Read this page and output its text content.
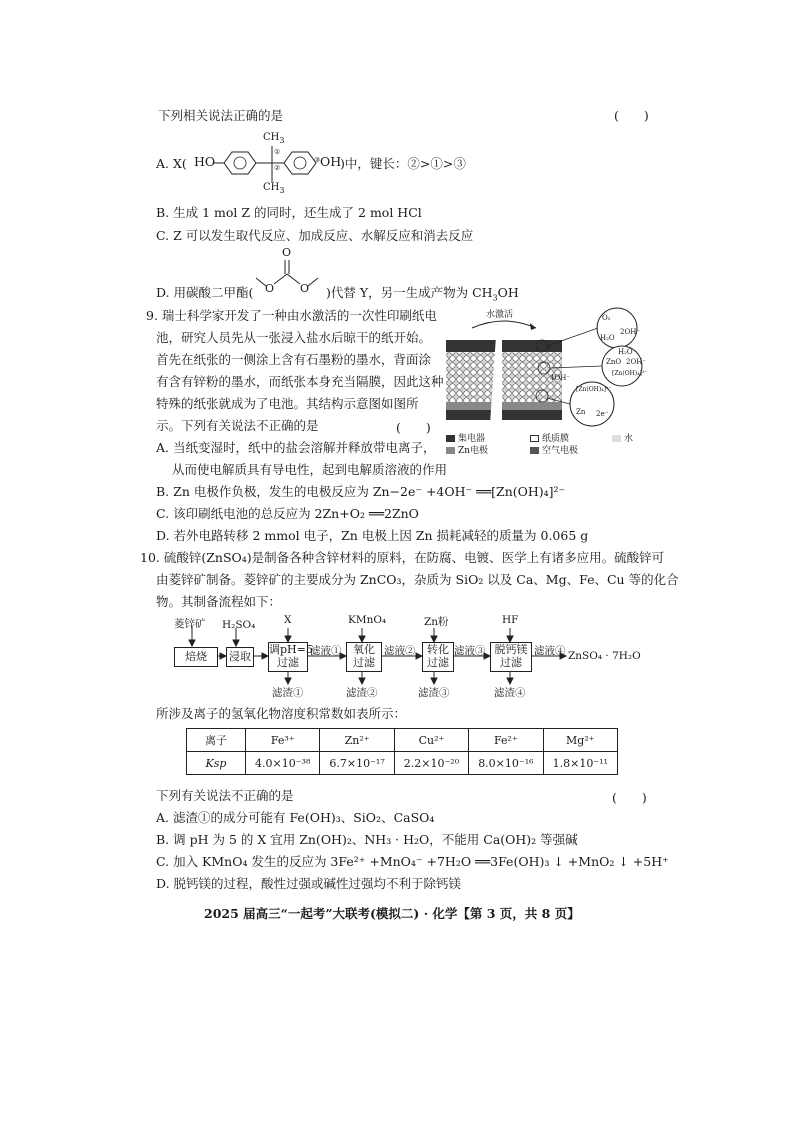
下列相关说法正确的是	(　　)
A. X( HO
$CH_3$
$CH_3$
①
②
③ OH
)中，键长：②>①>③
B. 生成 1 mol Z 的同时，还生成了 2 mol HCl
C. Z 可以发生取代反应、加成反应、水解反应和消去反应
D. 用碳酸二甲酯(
O
O O )代替 Y，另一生成产物为 $CH_3OH$
9. 瑞士科学家开发了一种由水激活的一次性印刷纸电
池，研究人员先从一张浸入盐水后晾干的纸开始。
首先在纸张的一侧涂上含有石墨粉的墨水，背面涂
有含有锌粉的墨水，而纸张本身充当隔膜，因此这种
特殊的纸张就成为了电池。其结构示意图如图所
示。下列有关说法不正确的是	(　　)
A. 当纸变湿时，纸中的盐会溶解并释放带电离子，
从而使电解质具有导电性，起到电解质溶液的作用
B. Zn 电极作负极，发生的电极反应为 Zn−2e⁻ +4OH⁻ ══[Zn(OH)₄]²⁻
C. 该印刷纸电池的总反应为 2Zn+O₂ ══2ZnO
D. 若外电路转移 2 mmol 电子，Zn 电极上因 Zn 损耗减轻的质量为 0.065 g
水激活	O₂
H₂O
2OH⁻
H₂O
ZnO 2OH⁻
[Zn(OH)₄]²⁻
4OH⁻
[Zn(OH)₄]²⁻
Zn 2e⁻
集电器	纸质膜	水
Zn电极	空气电极
10. 硫酸锌(ZnSO₄)是制备各种含锌材料的原料，在防腐、电镀、医学上有诸多应用。硫酸锌可
由菱锌矿制备。菱锌矿的主要成分为 ZnCO₃，杂质为 SiO₂ 以及 Ca、Mg、Fe、Cu 等的化合
物。其制备流程如下：
菱锌矿 H₂SO₄	X	KMnO₄	Zn粉	HF
焙烧	浸取
调pH=5
过滤
氧化
过滤
转化
过滤
脱钙镁
过滤
滤液①	滤液②	滤液③	滤液④ ZnSO₄ · 7H₂O
滤渣①	滤渣②	滤渣③	滤渣④
所涉及离子的氢氧化物溶度积常数如表所示：
离子	Fe³⁺	Zn²⁺	Cu²⁺	Fe²⁺	Mg²⁺
Ksp	4.0×10⁻³⁸	6.7×10⁻¹⁷	2.2×10⁻²⁰	8.0×10⁻¹⁶	1.8×10⁻¹¹
下列有关说法不正确的是	(　　)
A. 滤渣①的成分可能有 Fe(OH)₃、SiO₂、CaSO₄
B. 调 pH 为 5 的 X 宜用 Zn(OH)₂、NH₃ · H₂O，不能用 Ca(OH)₂ 等强碱
C. 加入 KMnO₄ 发生的反应为 3Fe²⁺ +MnO₄⁻ +7H₂O ══3Fe(OH)₃ ↓ +MnO₂ ↓ +5H⁺
D. 脱钙镁的过程，酸性过强或碱性过强均不利于除钙镁
2025 届高三“一起考”大联考(模拟二) · 化学【第 3 页，共 8 页】
